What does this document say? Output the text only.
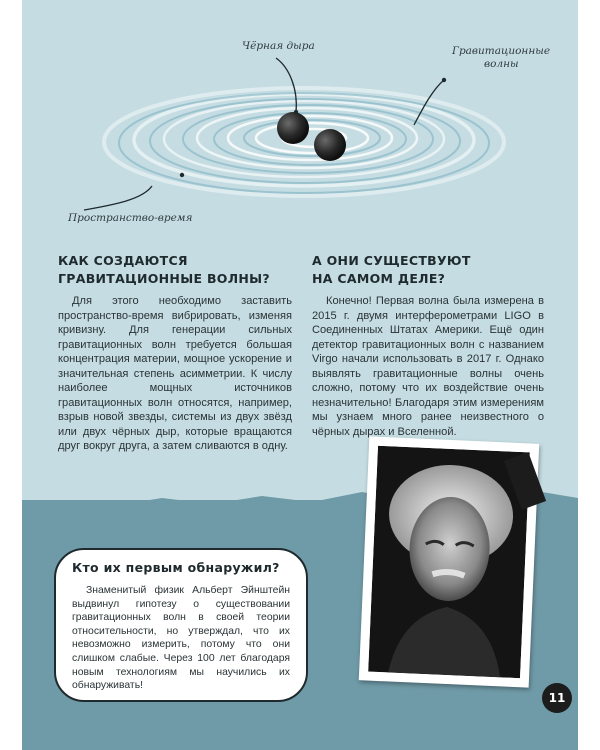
Чёрная дыра	Гравитационные
волны
Пространство-время
КАК СОЗДАЮТСЯ
ГРАВИТАЦИОННЫЕ ВОЛНЫ?

Для этого необходимо заставить пространство-время вибрировать, изменяя кривизну. Для генерации сильных гравитационных волн требуется большая концентрация материи, мощное ускорение и значительная степень асимметрии. К числу наиболее мощных источников гравитационных волн относятся, например, взрыв новой звезды, системы из двух звёзд или двух чёрных дыр, которые вращаются друг вокруг друга, а затем сливаются в одну.

А ОНИ СУЩЕСТВУЮТ
НА САМОМ ДЕЛЕ?

Конечно! Первая волна была измерена в 2015 г. двумя интерферометрами LIGO в Соединенных Штатах Америки. Ещё один детектор гравитационных волн с названием Virgo начали использовать в 2017 г. Однако выявлять гравитационные волны очень сложно, потому что их воздействие очень незначительно! Благодаря этим измерениям мы узнаем много ранее неизвестного о чёрных дырах и Вселенной.

Кто их первым обнаружил?

Знаменитый физик Альберт Эйнштейн выдвинул гипотезу о существовании гравитационных волн в своей теории относительности, но утверждал, что их невозможно измерить, потому что они слишком слабые. Через 100 лет благодаря новым технологиям мы научились их обнаруживать!

11
